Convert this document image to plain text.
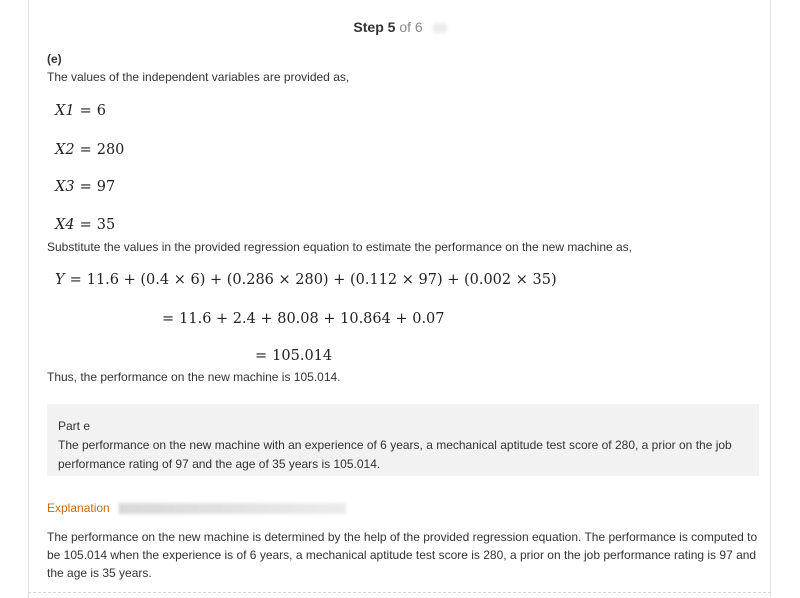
Step 5 of 6
(e)
The values of the independent variables are provided as,
X1 = 6
X2 = 280
X3 = 97
X4 = 35
Substitute the values in the provided regression equation to estimate the performance on the new machine as,
Y = 11.6 + (0.4 × 6) + (0.286 × 280) + (0.112 × 97) + (0.002 × 35)
= 11.6 + 2.4 + 80.08 + 10.864 + 0.07
= 105.014
Thus, the performance on the new machine is 105.014.
Part e
The performance on the new machine with an experience of 6 years, a mechanical aptitude test score of 280, a prior on the job performance rating of 97 and the age of 35 years is 105.014.
Explanation
The performance on the new machine is determined by the help of the provided regression equation. The performance is computed to be 105.014 when the experience is of 6 years, a mechanical aptitude test score is 280, a prior on the job performance rating is 97 and the age is 35 years.
